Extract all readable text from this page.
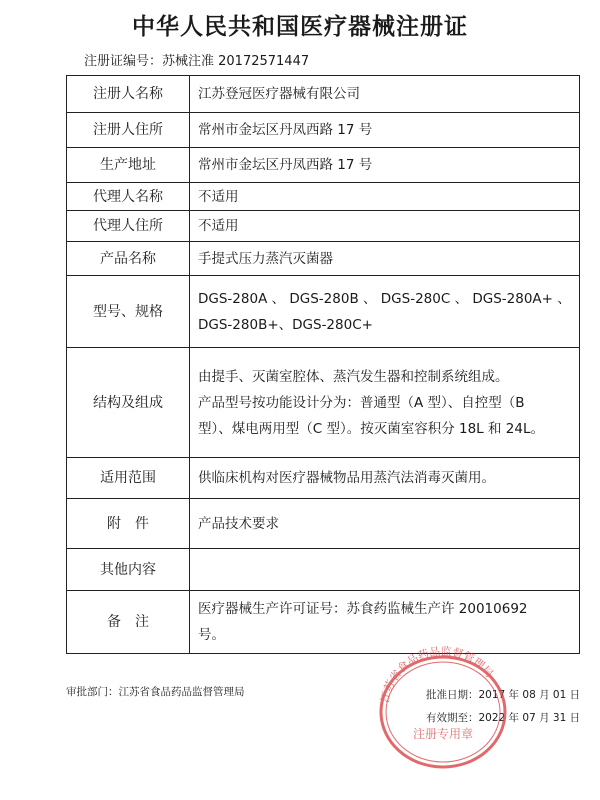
中华人民共和国医疗器械注册证
注册证编号：苏械注准 20172571447
注册人名称	江苏登冠医疗器械有限公司
注册人住所	常州市金坛区丹凤西路 17 号
生产地址	常州市金坛区丹凤西路 17 号
代理人名称	不适用
代理人住所	不适用
产品名称	手提式压力蒸汽灭菌器
型号、规格	DGS-280A 、 DGS-280B 、 DGS-280C 、 DGS-280A+ 、
DGS-280B+、DGS-280C+

结构及组成	由提手、灭菌室腔体、蒸汽发生器和控制系统组成。
产品型号按功能设计分为：普通型（A 型）、自控型（B
型）、煤电两用型（C 型）。按灭菌室容积分 18L 和 24L。

适用范围	供临床机构对医疗器械物品用蒸汽法消毒灭菌用。
附　件	产品技术要求
其他内容	
备　注	医疗器械生产许可证号：苏食药监械生产许 20010692
号。
审批部门：江苏省食品药品监督管理局	批准日期：2017 年 08 月 01 日
有效期至：2022 年 07 月 31 日
江苏省食品药品监督管理局
注册专用章
